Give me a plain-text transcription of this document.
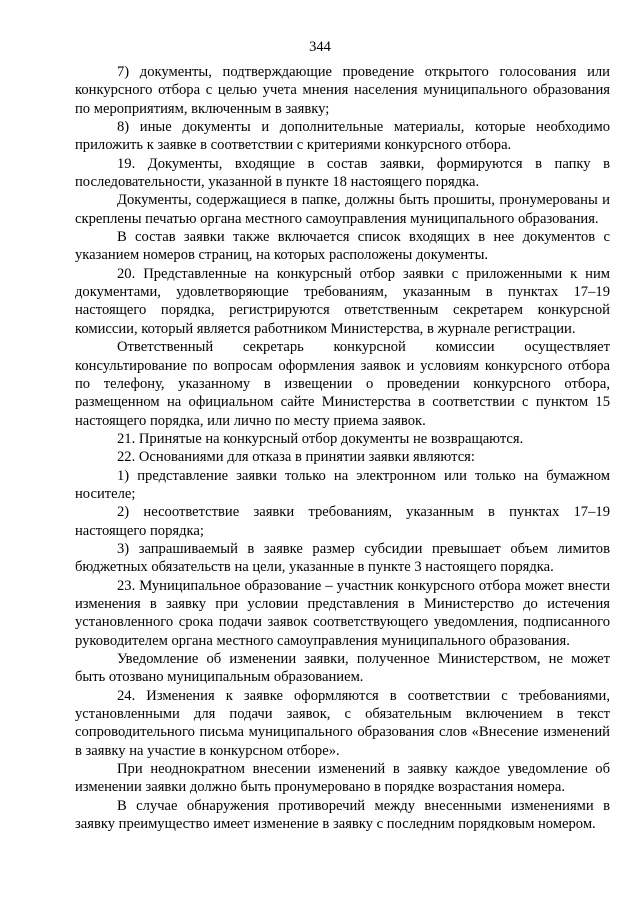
344

7) документы, подтверждающие проведение открытого голосования или конкурсного отбора с целью учета мнения населения муниципального образования по мероприятиям, включенным в заявку;

8) иные документы и дополнительные материалы, которые необходимо приложить к заявке в соответствии с критериями конкурсного отбора.

19. Документы, входящие в состав заявки, формируются в папку в последовательности, указанной в пункте 18 настоящего порядка.

Документы, содержащиеся в папке, должны быть прошиты, пронумерованы и скреплены печатью органа местного самоуправления муниципального образования.

В состав заявки также включается список входящих в нее документов с указанием номеров страниц, на которых расположены документы.

20. Представленные на конкурсный отбор заявки с приложенными к ним документами, удовлетворяющие требованиям, указанным в пунктах 17–19 настоящего порядка, регистрируются ответственным секретарем конкурсной комиссии, который является работником Министерства, в журнале регистрации.

Ответственный секретарь конкурсной комиссии осуществляет консультирование по вопросам оформления заявок и условиям конкурсного отбора по телефону, указанному в извещении о проведении конкурсного отбора, размещенном на официальном сайте Министерства в соответствии с пунктом 15 настоящего порядка, или лично по месту приема заявок.

21. Принятые на конкурсный отбор документы не возвращаются.

22. Основаниями для отказа в принятии заявки являются:

1) представление заявки только на электронном или только на бумажном носителе;

2) несоответствие заявки требованиям, указанным в пунктах 17–19 настоящего порядка;

3) запрашиваемый в заявке размер субсидии превышает объем лимитов бюджетных обязательств на цели, указанные в пункте 3 настоящего порядка.

23. Муниципальное образование – участник конкурсного отбора может внести изменения в заявку при условии представления в Министерство до истечения установленного срока подачи заявок соответствующего уведомления, подписанного руководителем органа местного самоуправления муниципального образования.

Уведомление об изменении заявки, полученное Министерством, не может быть отозвано муниципальным образованием.

24. Изменения к заявке оформляются в соответствии с требованиями, установленными для подачи заявок, с обязательным включением в текст сопроводительного письма муниципального образования слов «Внесение изменений в заявку на участие в конкурсном отборе».

При неоднократном внесении изменений в заявку каждое уведомление об изменении заявки должно быть пронумеровано в порядке возрастания номера.

В случае обнаружения противоречий между внесенными изменениями в заявку преимущество имеет изменение в заявку с последним порядковым номером.
